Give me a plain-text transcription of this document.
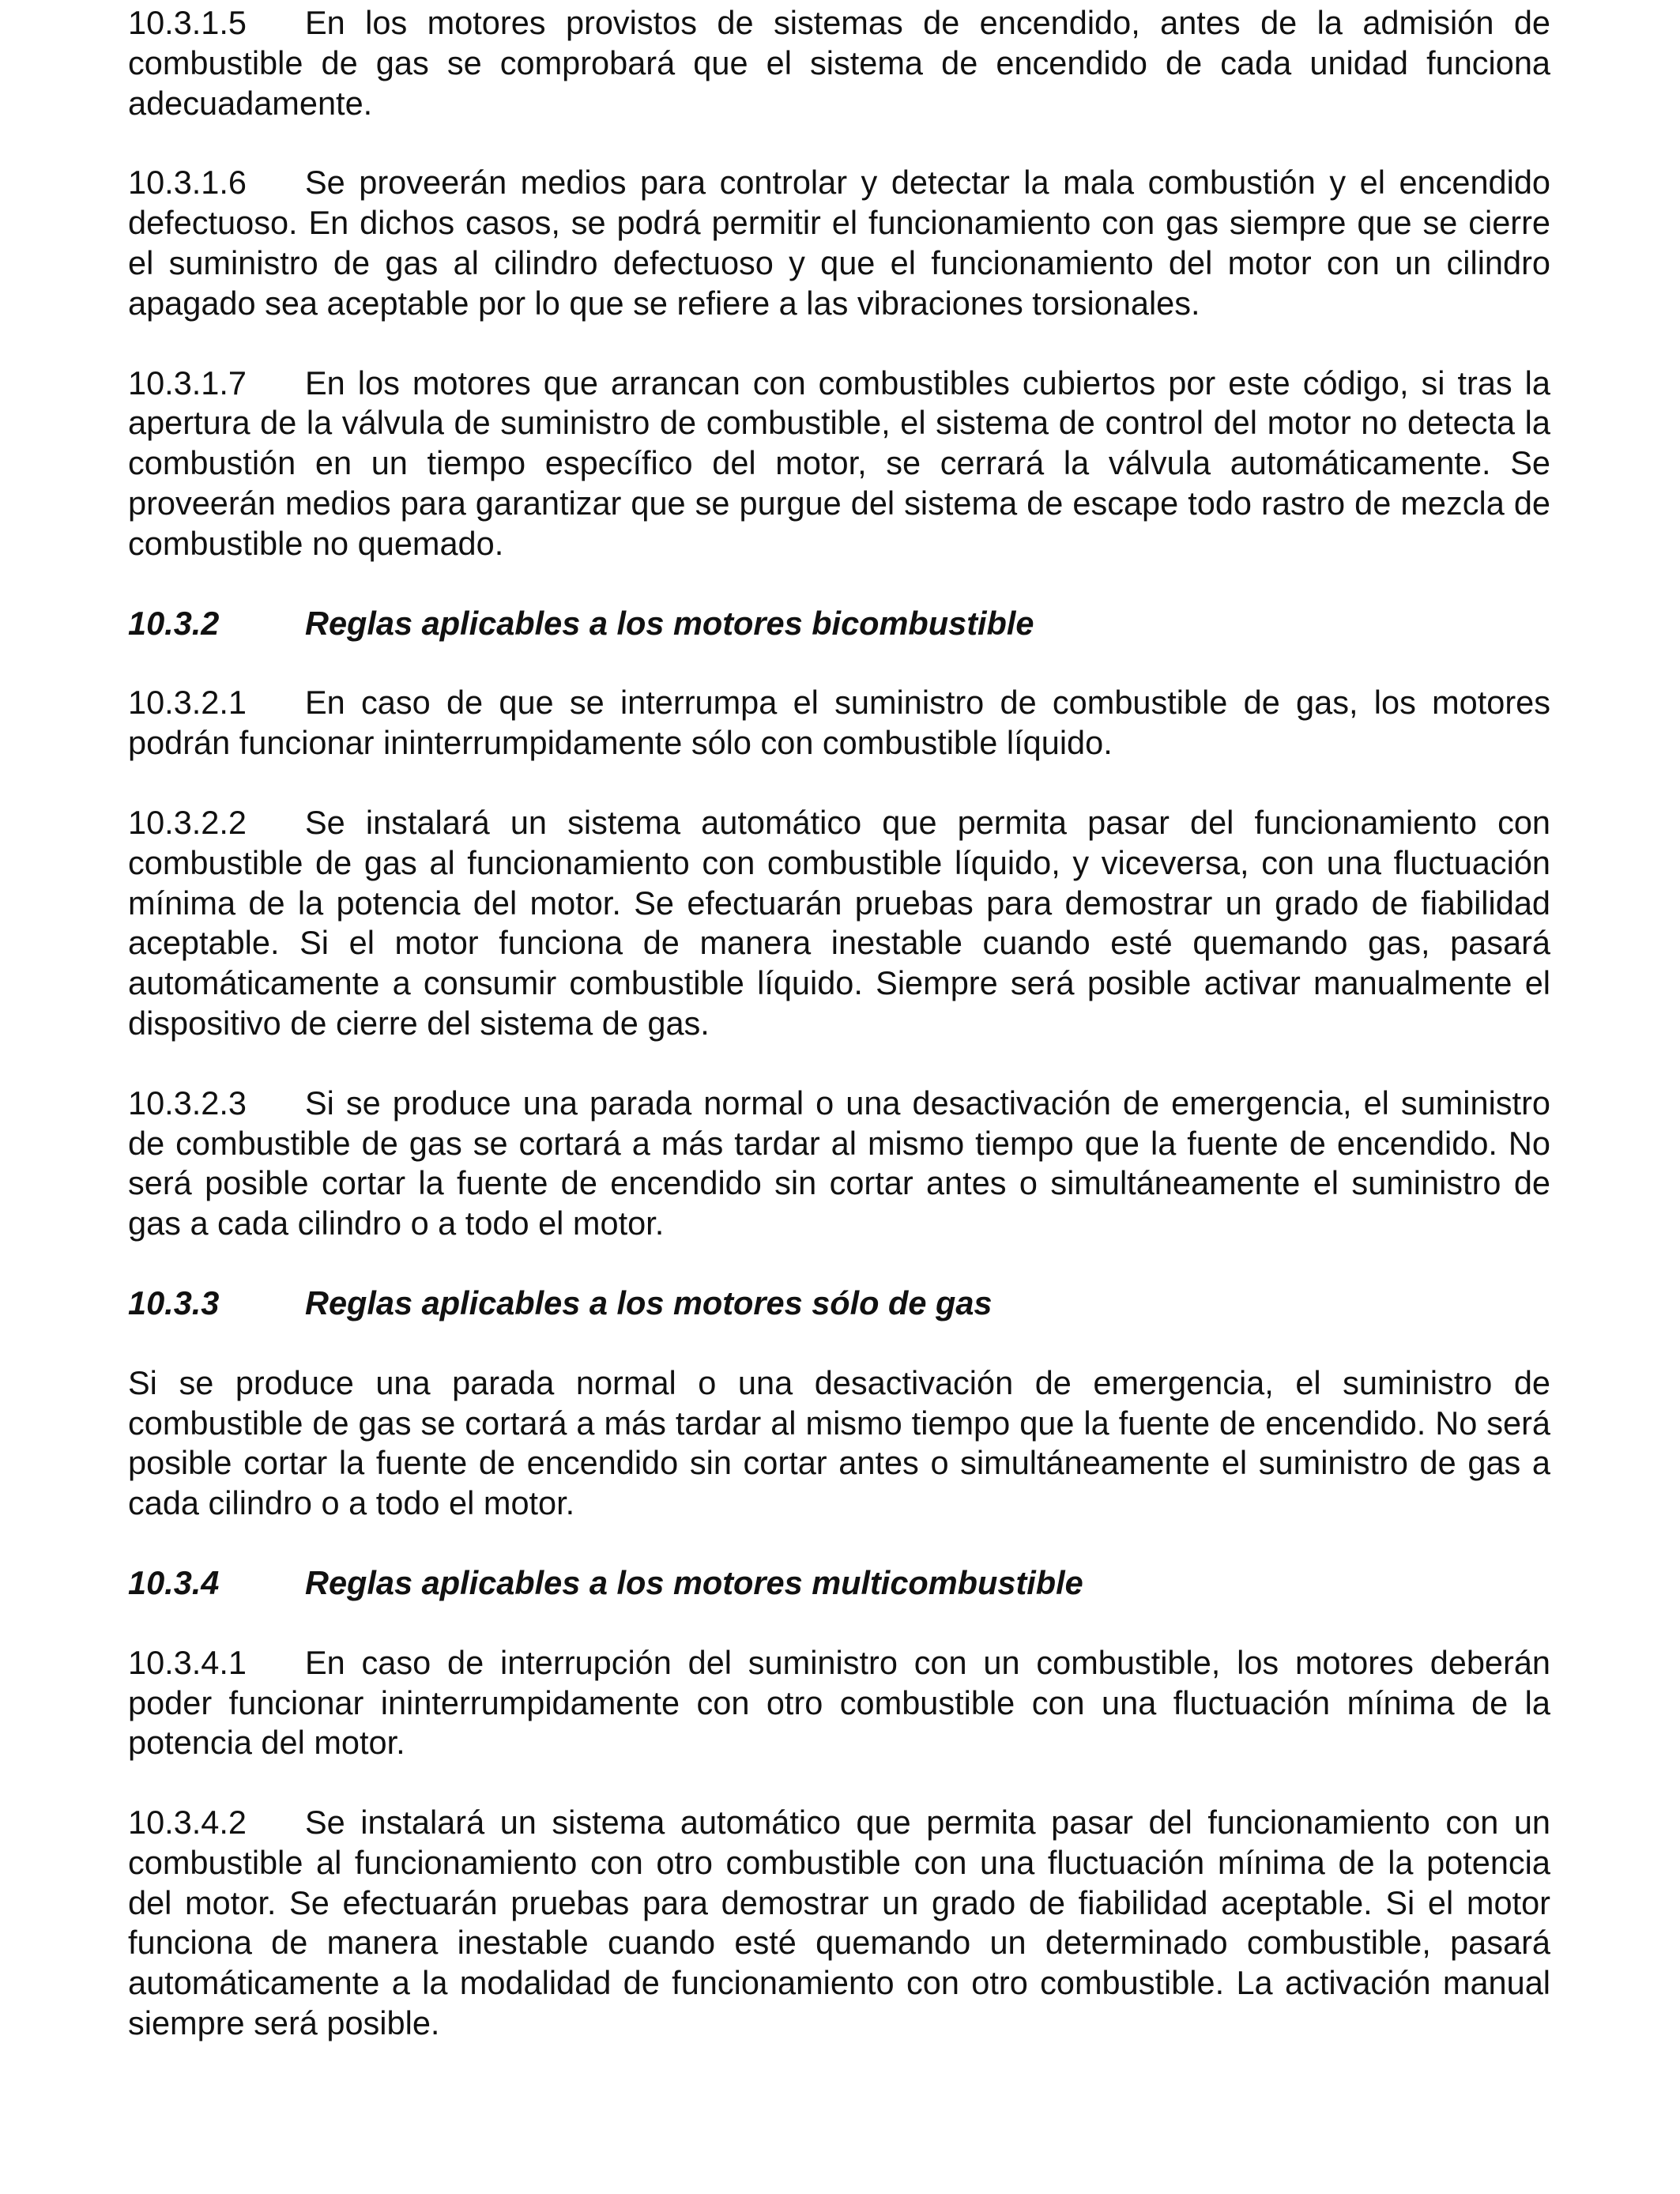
10.3.1.5 En los motores provistos de sistemas de encendido, antes de la admisión de combustible de gas se comprobará que el sistema de encendido de cada unidad funciona adecuadamente.

10.3.1.6 Se proveerán medios para controlar y detectar la mala combustión y el encendido defectuoso. En dichos casos, se podrá permitir el funcionamiento con gas siempre que se cierre el suministro de gas al cilindro defectuoso y que el funcionamiento del motor con un cilindro apagado sea aceptable por lo que se refiere a las vibraciones torsionales.

10.3.1.7 En los motores que arrancan con combustibles cubiertos por este código, si tras la apertura de la válvula de suministro de combustible, el sistema de control del motor no detecta la combustión en un tiempo específico del motor, se cerrará la válvula automáticamente. Se proveerán medios para garantizar que se purgue del sistema de escape todo rastro de mezcla de combustible no quemado.

10.3.2	Reglas aplicables a los motores bicombustible

10.3.2.1 En caso de que se interrumpa el suministro de combustible de gas, los motores podrán funcionar ininterrumpidamente sólo con combustible líquido.

10.3.2.2 Se instalará un sistema automático que permita pasar del funcionamiento con combustible de gas al funcionamiento con combustible líquido, y viceversa, con una fluctuación mínima de la potencia del motor. Se efectuarán pruebas para demostrar un grado de fiabilidad aceptable. Si el motor funciona de manera inestable cuando esté quemando gas, pasará automáticamente a consumir combustible líquido. Siempre será posible activar manualmente el dispositivo de cierre del sistema de gas.

10.3.2.3 Si se produce una parada normal o una desactivación de emergencia, el suministro de combustible de gas se cortará a más tardar al mismo tiempo que la fuente de encendido. No será posible cortar la fuente de encendido sin cortar antes o simultáneamente el suministro de gas a cada cilindro o a todo el motor.

10.3.3	Reglas aplicables a los motores sólo de gas

Si se produce una parada normal o una desactivación de emergencia, el suministro de combustible de gas se cortará a más tardar al mismo tiempo que la fuente de encendido. No será posible cortar la fuente de encendido sin cortar antes o simultáneamente el suministro de gas a cada cilindro o a todo el motor.

10.3.4	Reglas aplicables a los motores multicombustible

10.3.4.1 En caso de interrupción del suministro con un combustible, los motores deberán poder funcionar ininterrumpidamente con otro combustible con una fluctuación mínima de la potencia del motor.

10.3.4.2 Se instalará un sistema automático que permita pasar del funcionamiento con un combustible al funcionamiento con otro combustible con una fluctuación mínima de la potencia del motor. Se efectuarán pruebas para demostrar un grado de fiabilidad aceptable. Si el motor funciona de manera inestable cuando esté quemando un determinado combustible, pasará automáticamente a la modalidad de funcionamiento con otro combustible. La activación manual siempre será posible.
